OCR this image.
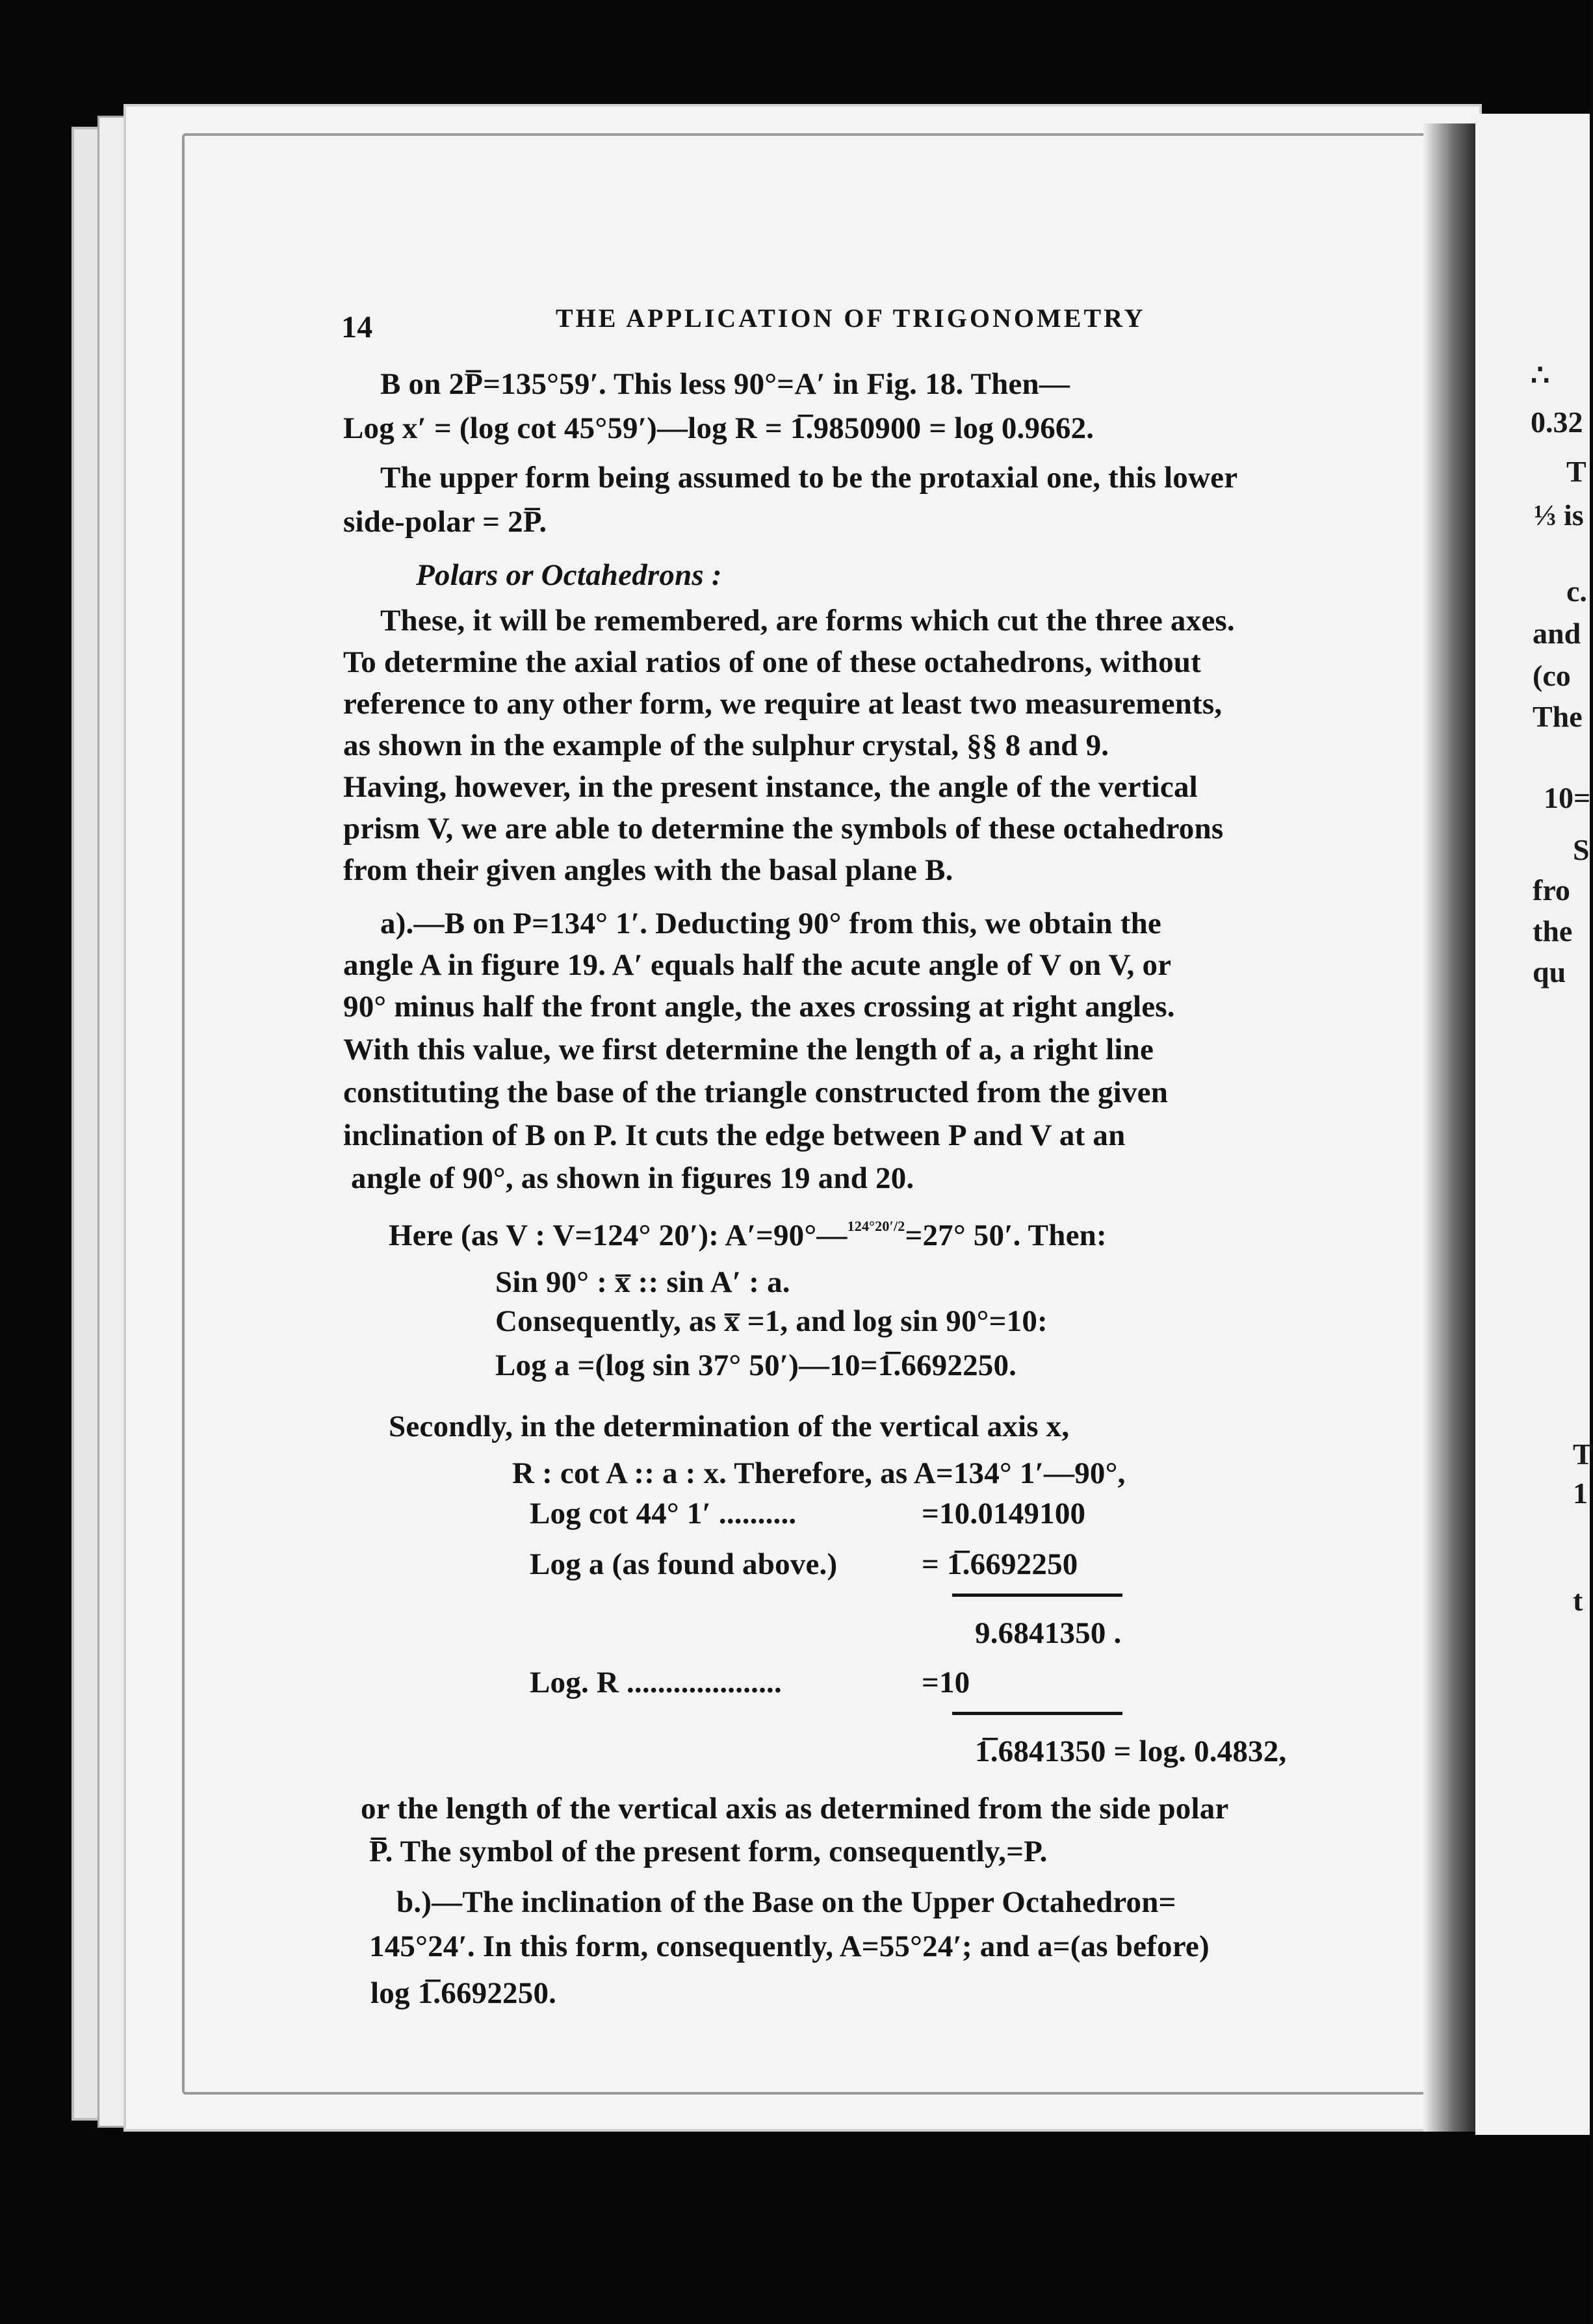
∴
0.32
T
⅓ is
c.
and
(co
The
10=
S
fro
the
qu
T
1
t
14	THE APPLICATION OF TRIGONOMETRY
B on 2P̅=135°59′. This less 90°=A′ in Fig. 18. Then—
Log x′ = (log cot 45°59′)—log R = 1̅.9850900 = log 0.9662.
The upper form being assumed to be the protaxial one, this lower
side-polar = 2P̅.
Polars or Octahedrons :
These, it will be remembered, are forms which cut the three axes.
To determine the axial ratios of one of these octahedrons, without
reference to any other form, we require at least two measurements,
as shown in the example of the sulphur crystal, §§ 8 and 9.
Having, however, in the present instance, the angle of the vertical
prism V, we are able to determine the symbols of these octahedrons
from their given angles with the basal plane B.
a).—B on P=134° 1′. Deducting 90° from this, we obtain the
angle A in figure 19. A′ equals half the acute angle of V on V, or
90° minus half the front angle, the axes crossing at right angles.
With this value, we first determine the length of a, a right line
constituting the base of the triangle constructed from the given
inclination of B on P. It cuts the edge between P and V at an
angle of 90°, as shown in figures 19 and 20.
Here (as V : V=124° 20′): A′=90°—$^{124^\circ 20'/2}$=27° 50′. Then:
Sin 90° : x̅ :: sin A′ : a.
Consequently, as x̅ =1, and log sin 90°=10:
Log a =(log sin 37° 50′)—10=1̅.6692250.
Secondly, in the determination of the vertical axis x,
R : cot A :: a : x. Therefore, as A=134° 1′—90°,
Log cot 44° 1′ ..........	=10.0149100
Log a (as found above.)	= 1̅.6692250
9.6841350 .
Log. R ....................	=10
1̅.6841350 = log. 0.4832,
or the length of the vertical axis as determined from the side polar
P̅. The symbol of the present form, consequently,=P.
b.)—The inclination of the Base on the Upper Octahedron=
145°24′. In this form, consequently, A=55°24′; and a=(as before)
log 1̅.6692250.
